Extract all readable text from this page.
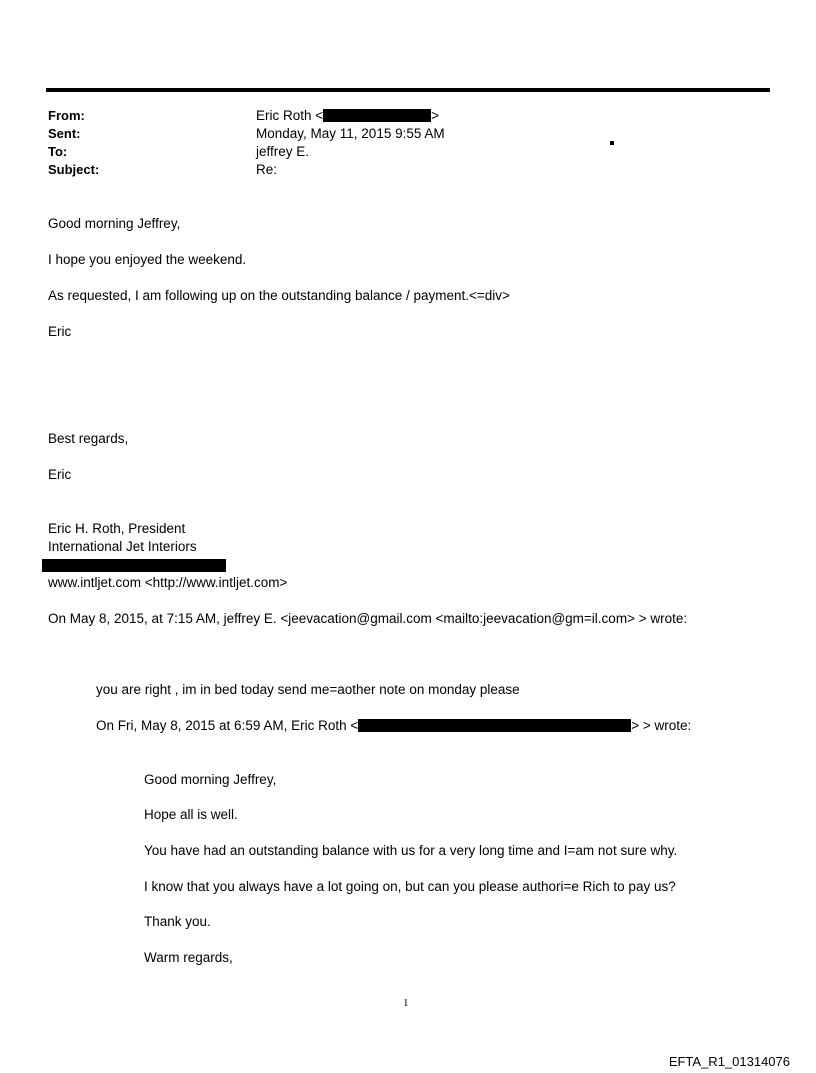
From:	Eric Roth <	>
Sent:	Monday, May 11, 2015 9:55 AM
To:	jeffrey E.
Subject:	Re:
Good morning Jeffrey,
I hope you enjoyed the weekend.
As requested, I am following up on the outstanding balance / payment.<=div>
Eric
Best regards,
Eric
Eric H. Roth, President
International Jet Interiors
www.intljet.com <http://www.intljet.com>
On May 8, 2015, at 7:15 AM, jeffrey E. <jeevacation@gmail.com <mailto:jeevacation@gm=il.com> > wrote:
you are right , im in bed today send me=aother note on monday please
On Fri, May 8, 2015 at 6:59 AM, Eric Roth <	> > wrote:
Good morning Jeffrey,
Hope all is well.
You have had an outstanding balance with us for a very long time and I=am not sure why.
I know that you always have a lot going on, but can you please authori=e Rich to pay us?
Thank you.
Warm regards,
1
EFTA_R1_01314076
